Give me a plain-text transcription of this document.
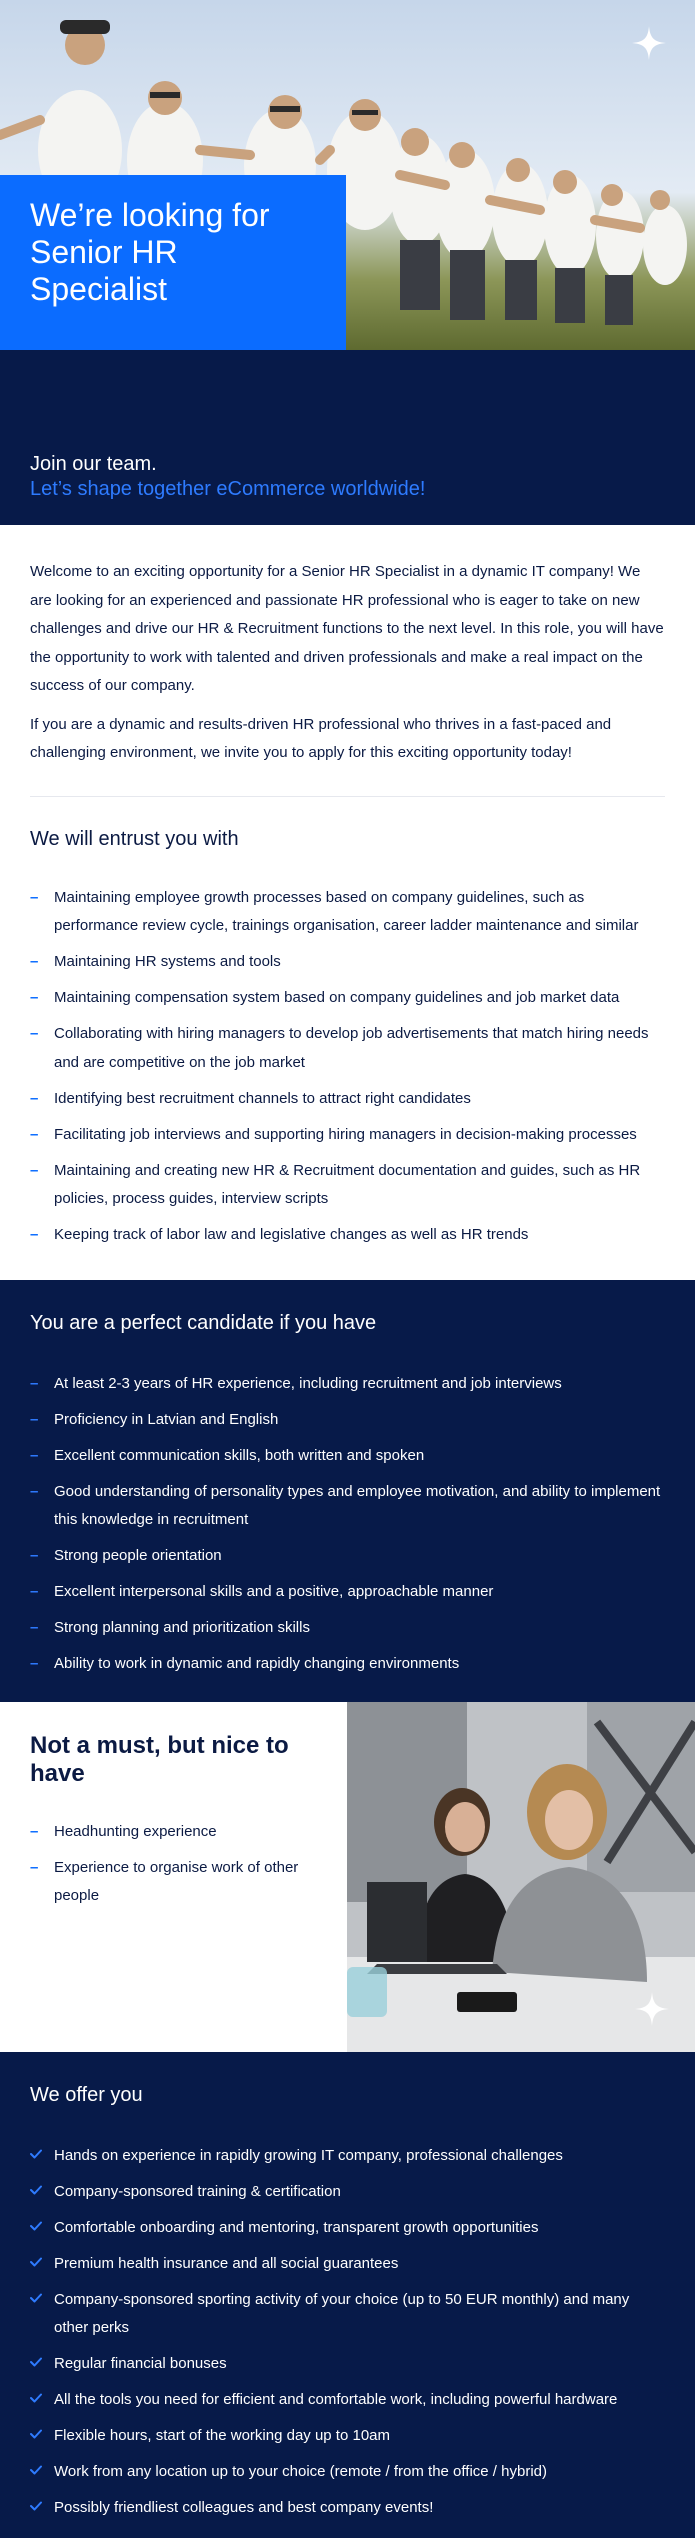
We’re looking for
Senior HR
Specialist
Join our team.
Let’s shape together eCommerce worldwide!

Welcome to an exciting opportunity for a Senior HR Specialist in a dynamic IT company! We are looking for an experienced and passionate HR professional who is eager to take on new challenges and drive our HR & Recruitment functions to the next level. In this role, you will have the opportunity to work with talented and driven professionals and make a real impact on the success of our company.

If you are a dynamic and results-driven HR professional who thrives in a fast-paced and challenging environment, we invite you to apply for this exciting opportunity today!

We will entrust you with
– Maintaining employee growth processes based on company guidelines, such as performance review cycle, trainings organisation, career ladder maintenance and similar
– Maintaining HR systems and tools
– Maintaining compensation system based on company guidelines and job market data
– Collaborating with hiring managers to develop job advertisements that match hiring needs and are competitive on the job market
– Identifying best recruitment channels to attract right candidates
– Facilitating job interviews and supporting hiring managers in decision-making processes
– Maintaining and creating new HR & Recruitment documentation and guides, such as HR policies, process guides, interview scripts
– Keeping track of labor law and legislative changes as well as HR trends
You are a perfect candidate if you have
– At least 2-3 years of HR experience, including recruitment and job interviews
– Proficiency in Latvian and English
– Excellent communication skills, both written and spoken
– Good understanding of personality types and employee motivation, and ability to implement this knowledge in recruitment
– Strong people orientation
– Excellent interpersonal skills and a positive, approachable manner
– Strong planning and prioritization skills
– Ability to work in dynamic and rapidly changing environments
Not a must, but nice to have
– Headhunting experience
– Experience to organise work of other people
We offer you
Hands on experience in rapidly growing IT company, professional challenges
Company-sponsored training & certification
Comfortable onboarding and mentoring, transparent growth opportunities
Premium health insurance and all social guarantees
Company-sponsored sporting activity of your choice (up to 50 EUR monthly) and many other perks
Regular financial bonuses
All the tools you need for efficient and comfortable work, including powerful hardware
Flexible hours, start of the working day up to 10am
Work from any location up to your choice (remote / from the office / hybrid)
Possibly friendliest colleagues and best company events!
